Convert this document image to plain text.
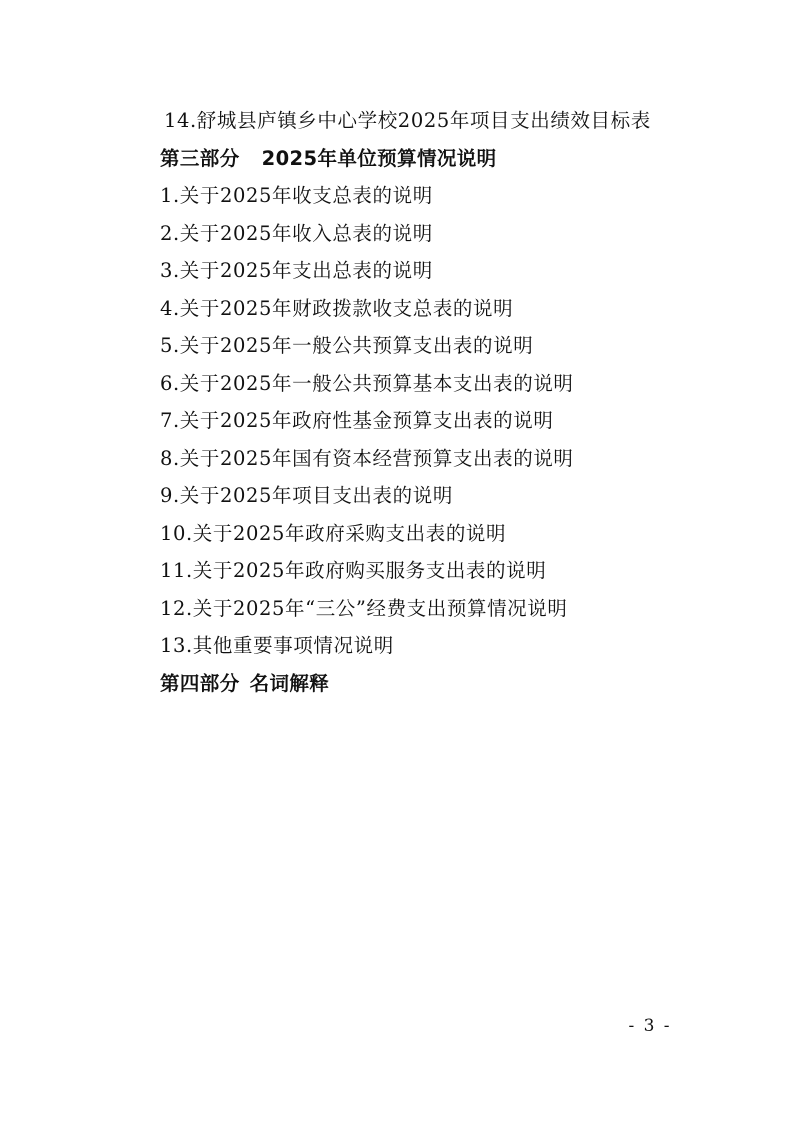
14.舒城县庐镇乡中心学校2025年项目支出绩效目标表
第三部分 2025年单位预算情况说明
1.关于2025年收支总表的说明
2.关于2025年收入总表的说明
3.关于2025年支出总表的说明
4.关于2025年财政拨款收支总表的说明
5.关于2025年一般公共预算支出表的说明
6.关于2025年一般公共预算基本支出表的说明
7.关于2025年政府性基金预算支出表的说明
8.关于2025年国有资本经营预算支出表的说明
9.关于2025年项目支出表的说明
10.关于2025年政府采购支出表的说明
11.关于2025年政府购买服务支出表的说明
12.关于2025年“三公”经费支出预算情况说明
13.其他重要事项情况说明
第四部分 名词解释
- 3 -
